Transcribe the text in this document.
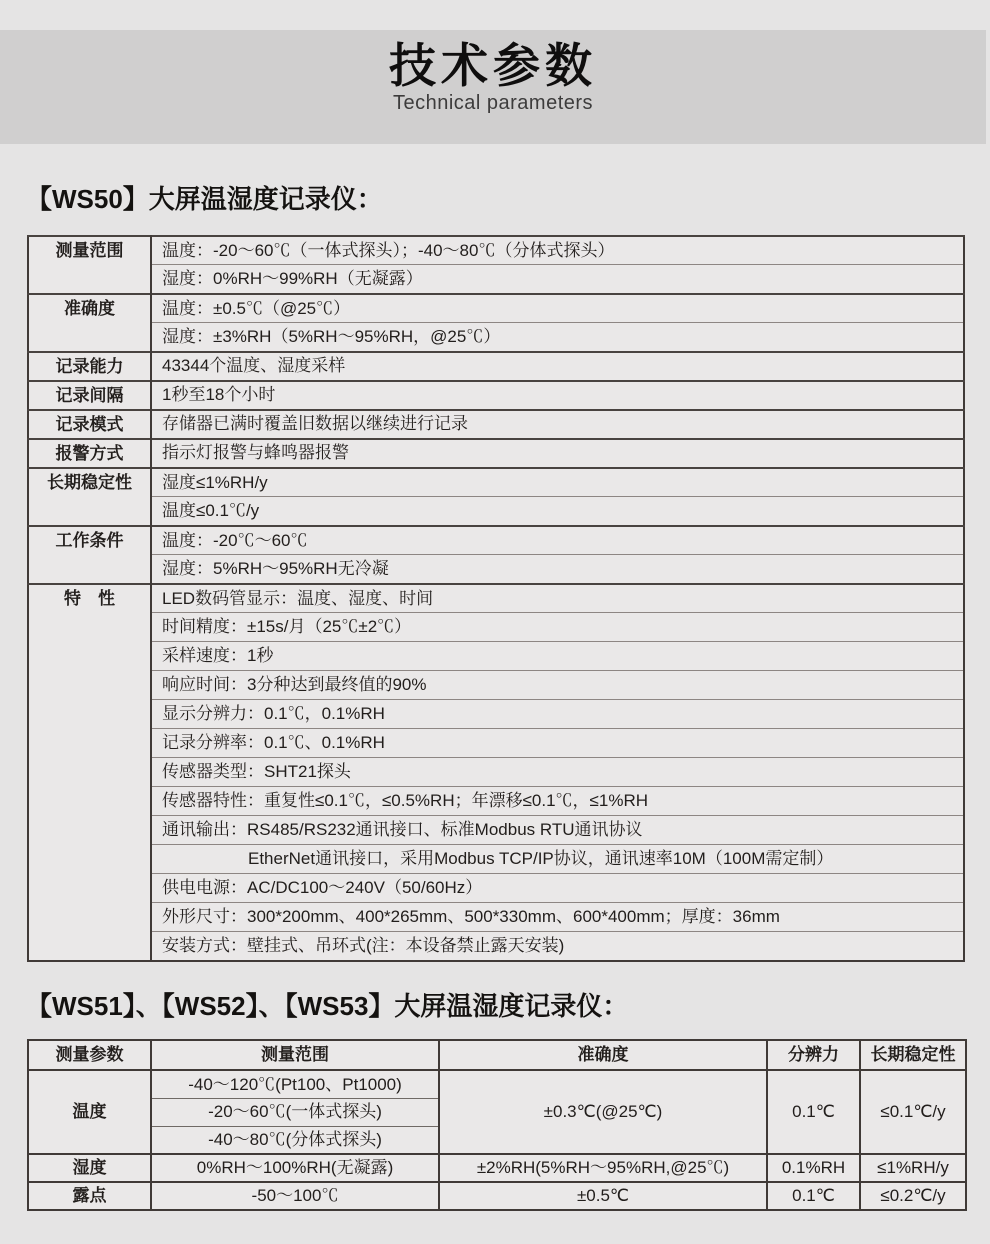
技术参数
Technical parameters
【WS50】大屏温湿度记录仪：
测量范围	温度：-20～60℃（一体式探头）；-40～80℃（分体式探头）
	湿度：0%RH～99%RH（无凝露）
准确度	温度：±0.5℃（@25℃）
	湿度：±3%RH（5%RH～95%RH，@25℃）
记录能力	43344个温度、湿度采样
记录间隔	1秒至18个小时
记录模式	存储器已满时覆盖旧数据以继续进行记录
报警方式	指示灯报警与蜂鸣器报警
长期稳定性	湿度≤1%RH/y
	温度≤0.1℃/y
工作条件	温度：-20℃～60℃
	湿度：5%RH～95%RH无冷凝
特　性	LED数码管显示：温度、湿度、时间
	时间精度：±15s/月（25℃±2℃）
	采样速度：1秒
	响应时间：3分种达到最终值的90%
	显示分辨力：0.1℃，0.1%RH
	记录分辨率：0.1℃、0.1%RH
	传感器类型：SHT21探头
	传感器特性：重复性≤0.1℃，≤0.5%RH；年漂移≤0.1℃，≤1%RH
	通讯输出：RS485/RS232通讯接口、标准Modbus RTU通讯协议
	EtherNet通讯接口，采用Modbus TCP/IP协议，通讯速率10M（100M需定制）
	供电电源：AC/DC100～240V（50/60Hz）
	外形尺寸：300*200mm、400*265mm、500*330mm、600*400mm；厚度：36mm
	安装方式：壁挂式、吊环式(注：本设备禁止露天安装)
【WS51】、【WS52】、【WS53】大屏温湿度记录仪：
测量参数	测量范围	准确度	分辨力	长期稳定性
温度	-40～120℃(Pt100、Pt1000)	±0.3℃(@25℃)	0.1℃	≤0.1℃/y
	-20～60℃(一体式探头)			
	-40～80℃(分体式探头)			
湿度	0%RH～100%RH(无凝露)	±2%RH(5%RH～95%RH,@25℃)	0.1%RH	≤1%RH/y
露点	-50～100℃	±0.5℃	0.1℃	≤0.2℃/y
